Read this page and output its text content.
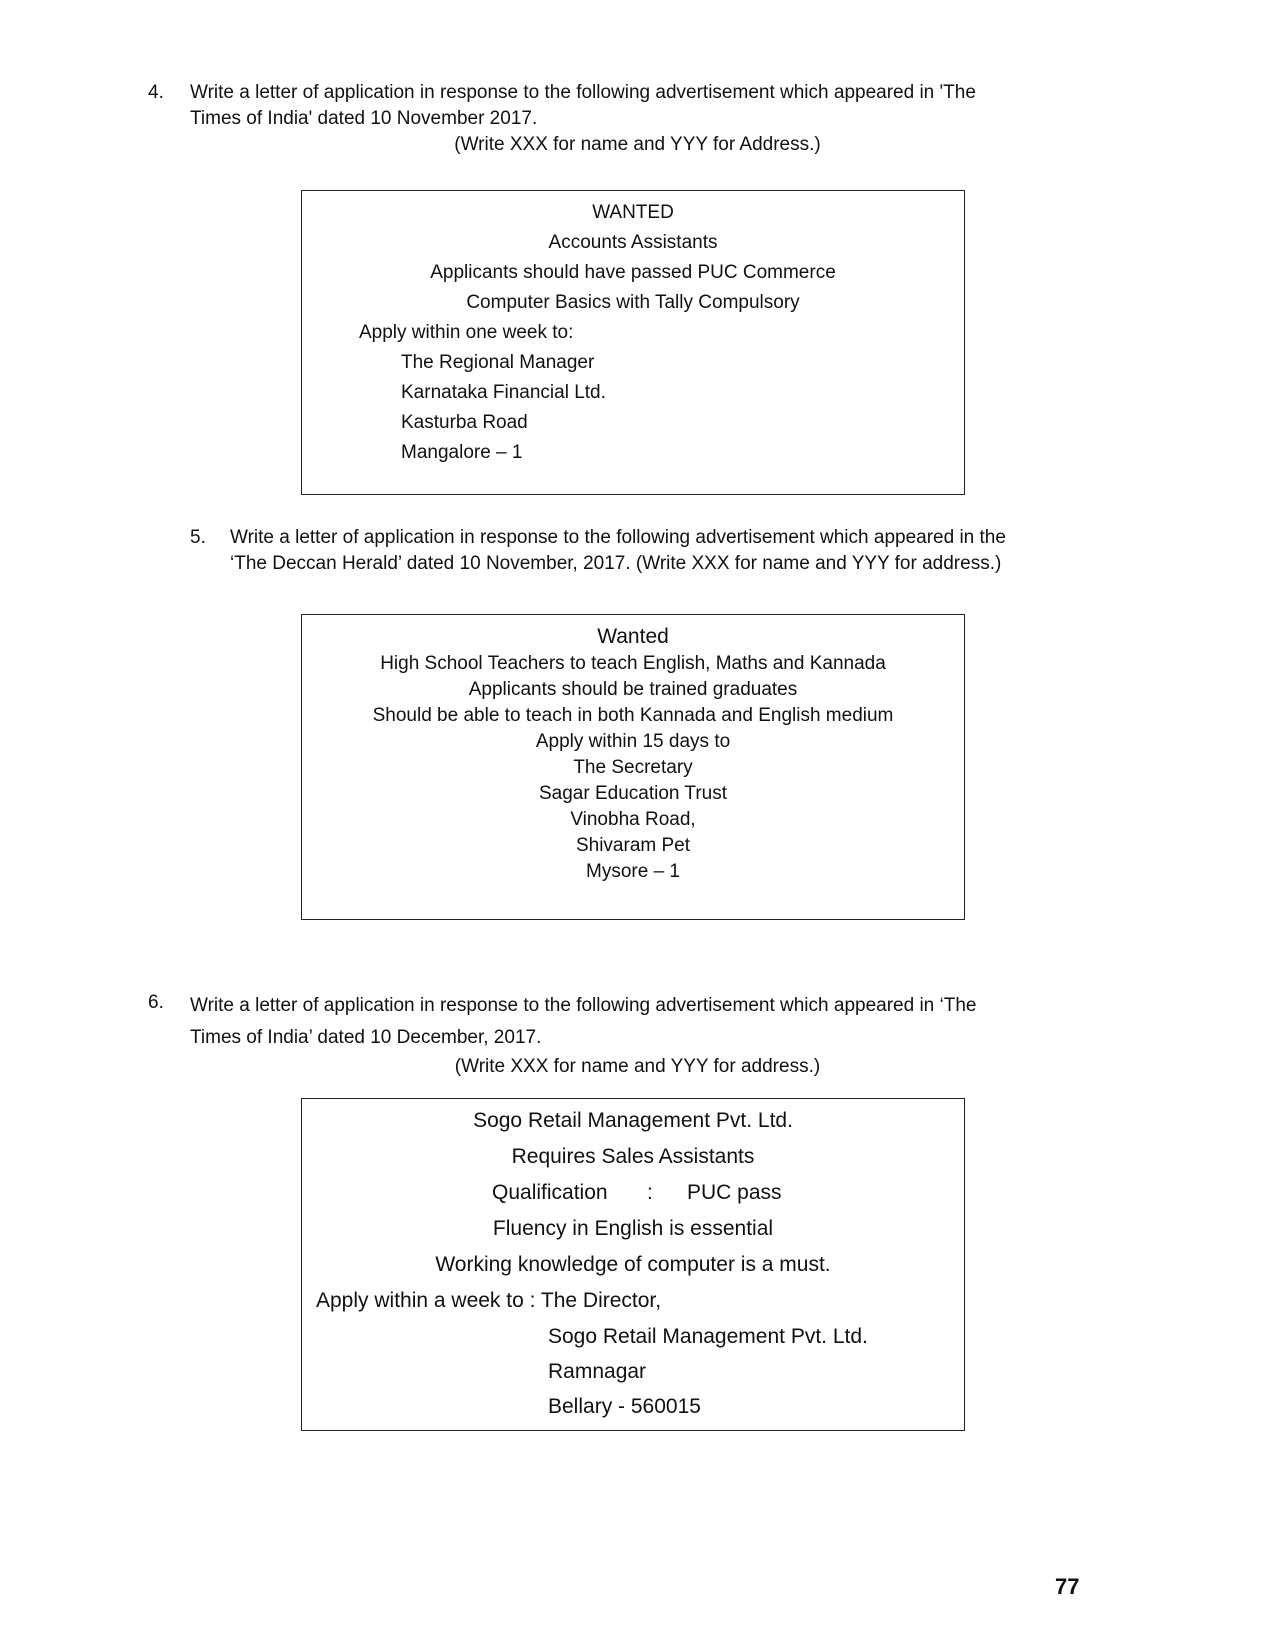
4. Write a letter of application in response to the following advertisement which appeared in 'The
Times of India' dated 10 November 2017.
(Write XXX for name and YYY for Address.)
WANTED
Accounts Assistants
Applicants should have passed PUC Commerce
Computer Basics with Tally Compulsory
Apply within one week to:
The Regional Manager
Karnataka Financial Ltd.
Kasturba Road
Mangalore – 1
5. Write a letter of application in response to the following advertisement which appeared in the
‘The Deccan Herald’ dated 10 November, 2017. (Write XXX for name and YYY for address.)
Wanted
High School Teachers to teach English, Maths and Kannada
Applicants should be trained graduates
Should be able to teach in both Kannada and English medium
Apply within 15 days to
The Secretary
Sagar Education Trust
Vinobha Road,
Shivaram Pet
Mysore – 1
6. Write a letter of application in response to the following advertisement which appeared in ‘The
Times of India’ dated 10 December, 2017.
(Write XXX for name and YYY for address.)
Sogo Retail Management Pvt. Ltd.
Requires Sales Assistants
Qualification : PUC pass
Fluency in English is essential
Working knowledge of computer is a must.
Apply within a week to : The Director,
Sogo Retail Management Pvt. Ltd.
Ramnagar
Bellary - 560015
77
